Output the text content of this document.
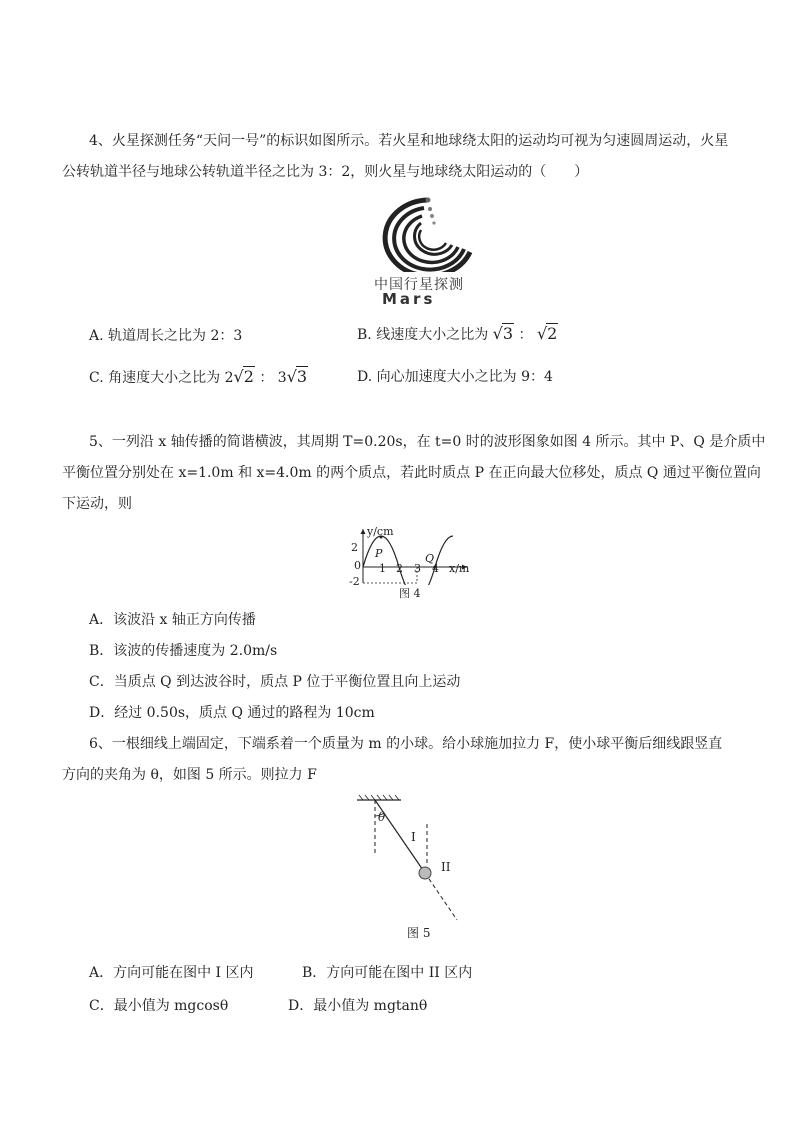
4、火星探测任务“天问一号”的标识如图所示。若火星和地球绕太阳的运动均可视为匀速圆周运动，火星
公转轨道半径与地球公转轨道半径之比为 3：2，则火星与地球绕太阳运动的（　　）
中国行星探测
Mars
A. 轨道周长之比为 2：3	B. 线速度大小之比为 √3 ： √2
C. 角速度大小之比为 2√2 ： 3√3	D. 向心加速度大小之比为 9：4
5、一列沿 x 轴传播的简谐横波，其周期 T=0.20s，在 t=0 时的波形图象如图 4 所示。其中 P、Q 是介质中
平衡位置分别处在 x=1.0m 和 x=4.0m 的两个质点，若此时质点 P 在正向最大位移处，质点 Q 通过平衡位置向
下运动，则
y/cm
x/m
2
0
-2
1 2 3 4
P	Q
图 4
A．该波沿 x 轴正方向传播
B．该波的传播速度为 2.0m/s
C．当质点 Q 到达波谷时，质点 P 位于平衡位置且向上运动
D．经过 0.50s，质点 Q 通过的路程为 10cm
6、一根细线上端固定，下端系着一个质量为 m 的小球。给小球施加拉力 F，使小球平衡后细线跟竖直
方向的夹角为 θ，如图 5 所示。则拉力 F
θ
I
II
图 5
A．方向可能在图中 I 区内	B．方向可能在图中 II 区内
C．最小值为 mgcosθ	D．最小值为 mgtanθ
